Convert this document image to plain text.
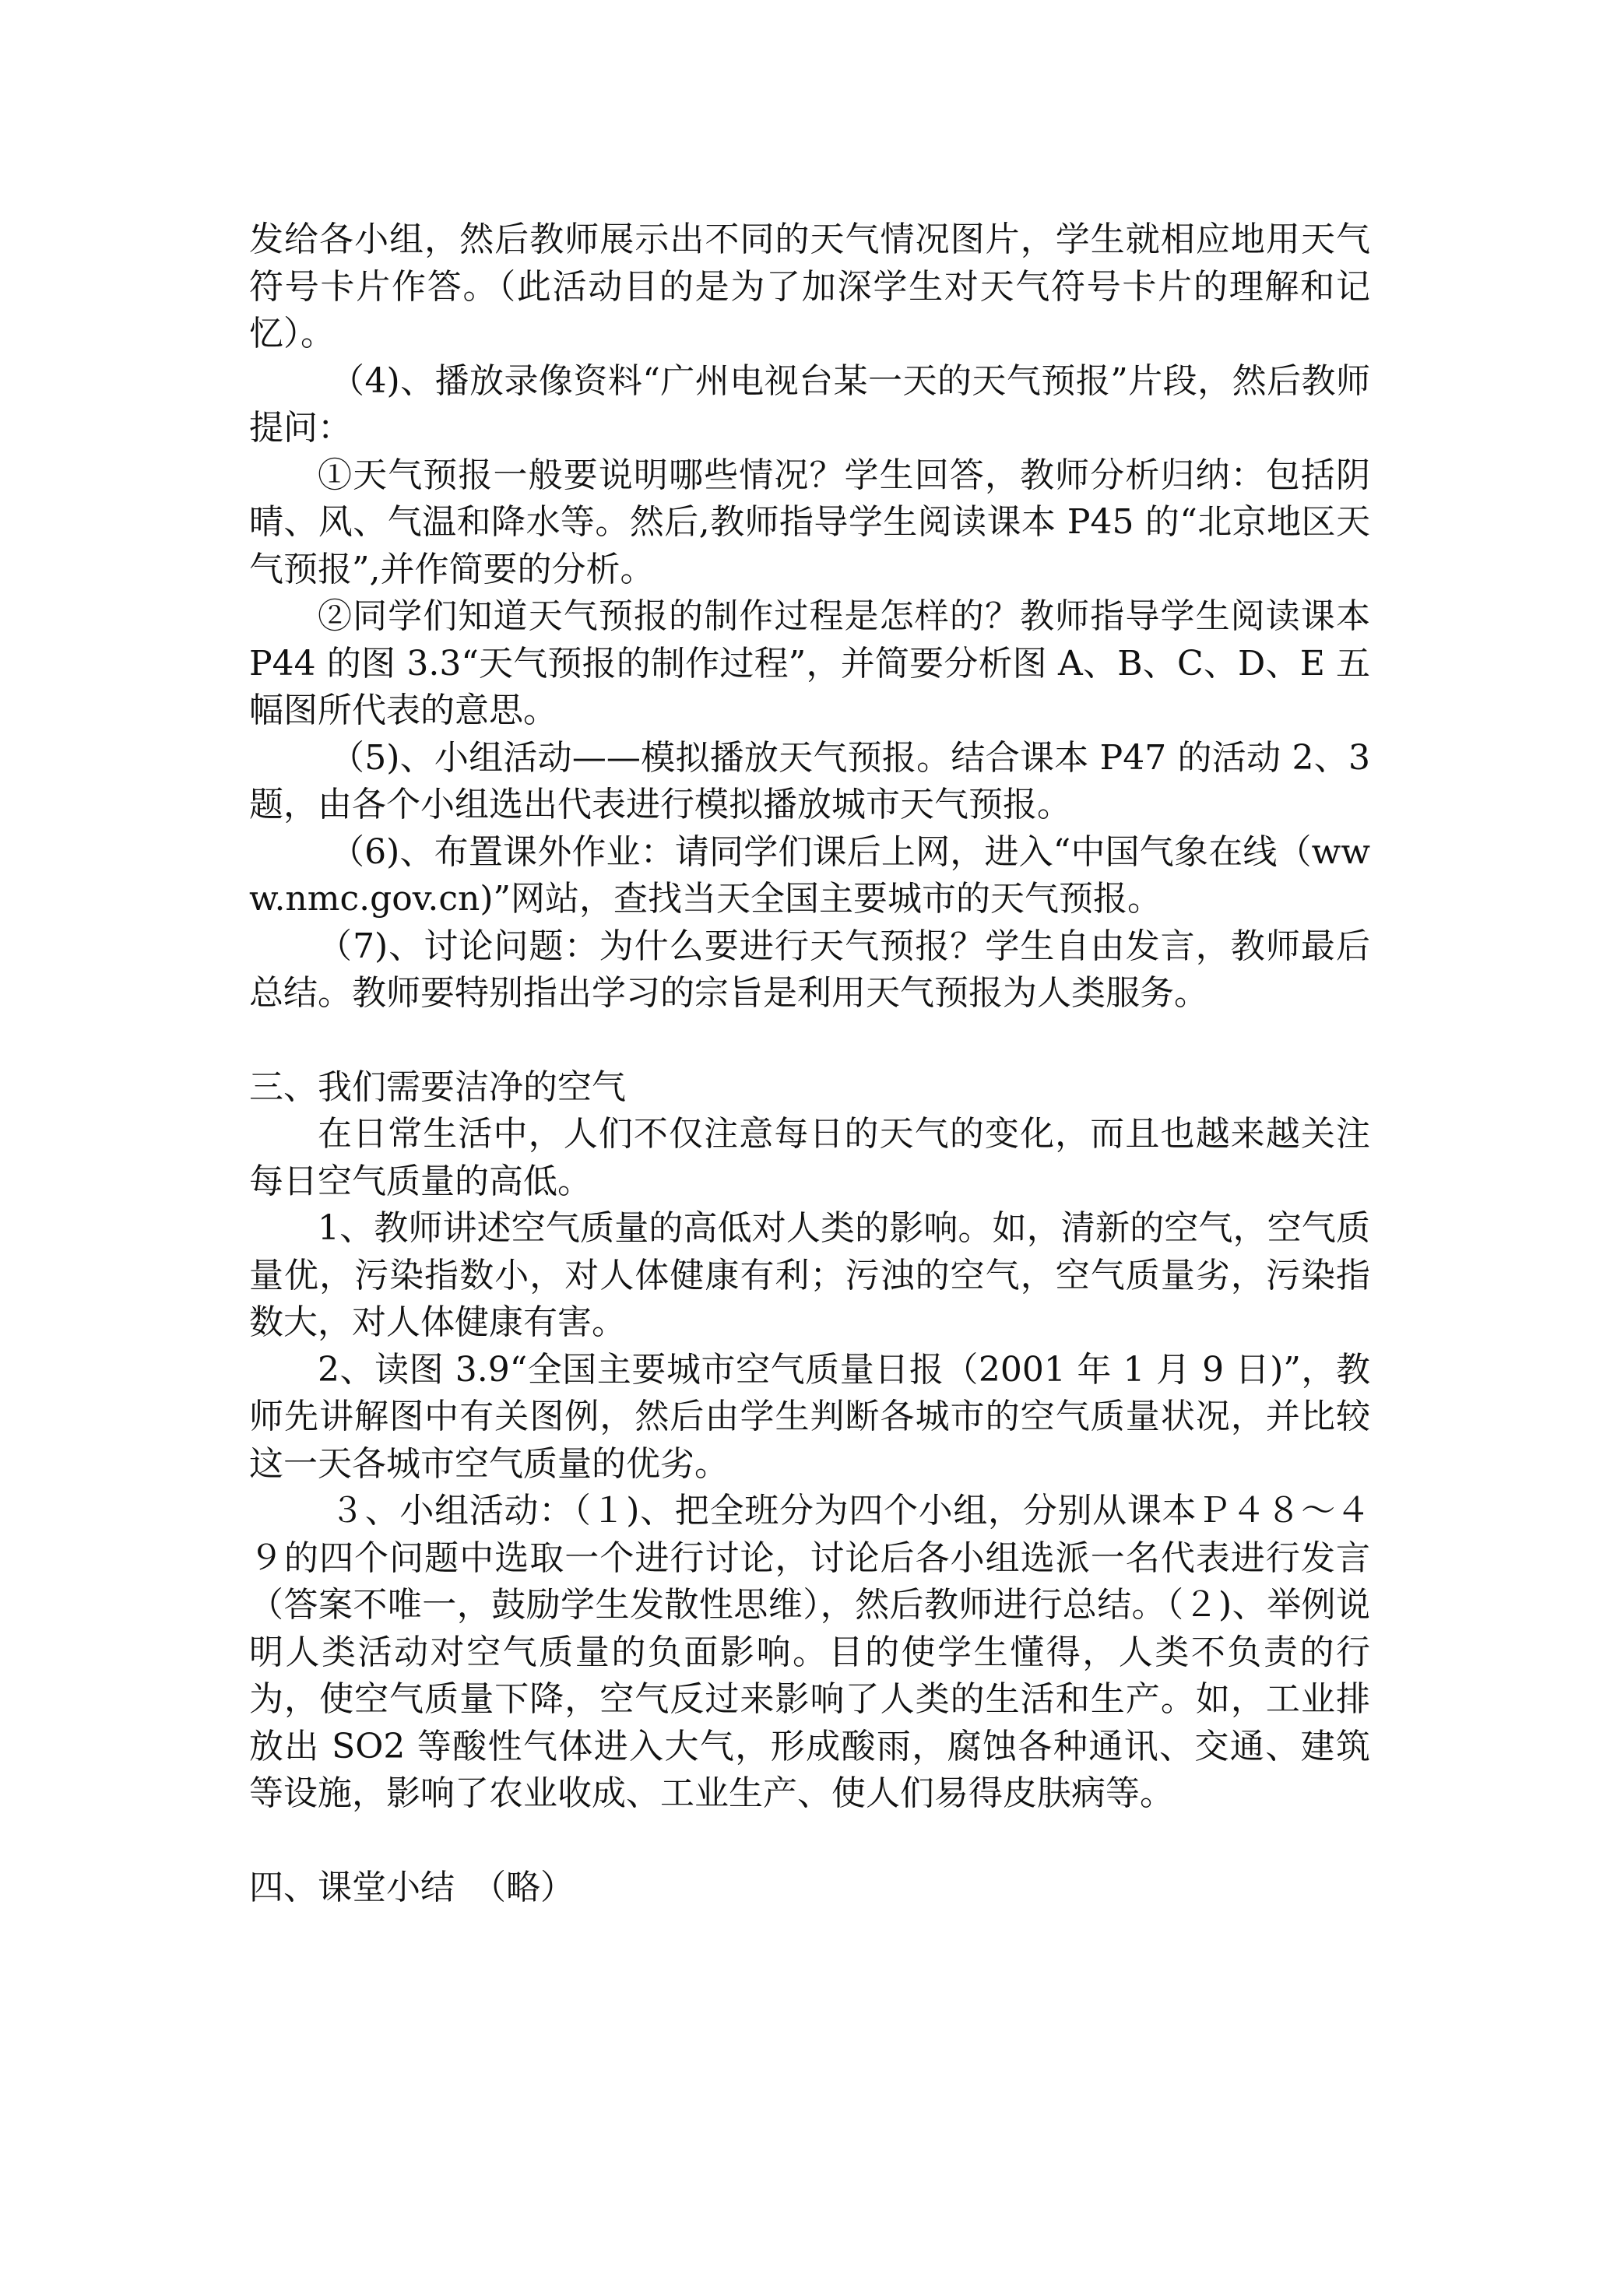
发给各小组，然后教师展示出不同的天气情况图片，学生就相应地用天气符号卡片作答。（此活动目的是为了加深学生对天气符号卡片的理解和记忆）。

（4)、播放录像资料“广州电视台某一天的天气预报”片段，然后教师提问：

①天气预报一般要说明哪些情况？学生回答，教师分析归纳：包括阴晴、风、气温和降水等。然后,教师指导学生阅读课本 P45 的“北京地区天气预报”,并作简要的分析。

②同学们知道天气预报的制作过程是怎样的？教师指导学生阅读课本 P44 的图 3.3“天气预报的制作过程”，并简要分析图 A、B、C、D、E 五幅图所代表的意思。

（5)、小组活动——模拟播放天气预报。结合课本 P47 的活动 2、3 题，由各个小组选出代表进行模拟播放城市天气预报。

（6)、布置课外作业：请同学们课后上网，进入“中国气象在线（www.nmc.gov.cn)”网站，查找当天全国主要城市的天气预报。

（7)、讨论问题：为什么要进行天气预报？学生自由发言，教师最后总结。教师要特别指出学习的宗旨是利用天气预报为人类服务。

三、我们需要洁净的空气

在日常生活中，人们不仅注意每日的天气的变化，而且也越来越关注每日空气质量的高低。

1、教师讲述空气质量的高低对人类的影响。如，清新的空气，空气质量优，污染指数小，对人体健康有利；污浊的空气，空气质量劣，污染指数大，对人体健康有害。

2、读图 3.9“全国主要城市空气质量日报（2001 年 1 月 9 日)”，教师先讲解图中有关图例，然后由学生判断各城市的空气质量状况，并比较这一天各城市空气质量的优劣。

３、小组活动：（１)、把全班分为四个小组，分别从课本Ｐ４８～４９的四个问题中选取一个进行讨论，讨论后各小组选派一名代表进行发言（答案不唯一，鼓励学生发散性思维），然后教师进行总结。（２)、举例说明人类活动对空气质量的负面影响。目的使学生懂得，人类不负责的行为，使空气质量下降，空气反过来影响了人类的生活和生产。如，工业排放出 SO2 等酸性气体进入大气，形成酸雨，腐蚀各种通讯、交通、建筑等设施，影响了农业收成、工业生产、使人们易得皮肤病等。

四、课堂小结　（略）
